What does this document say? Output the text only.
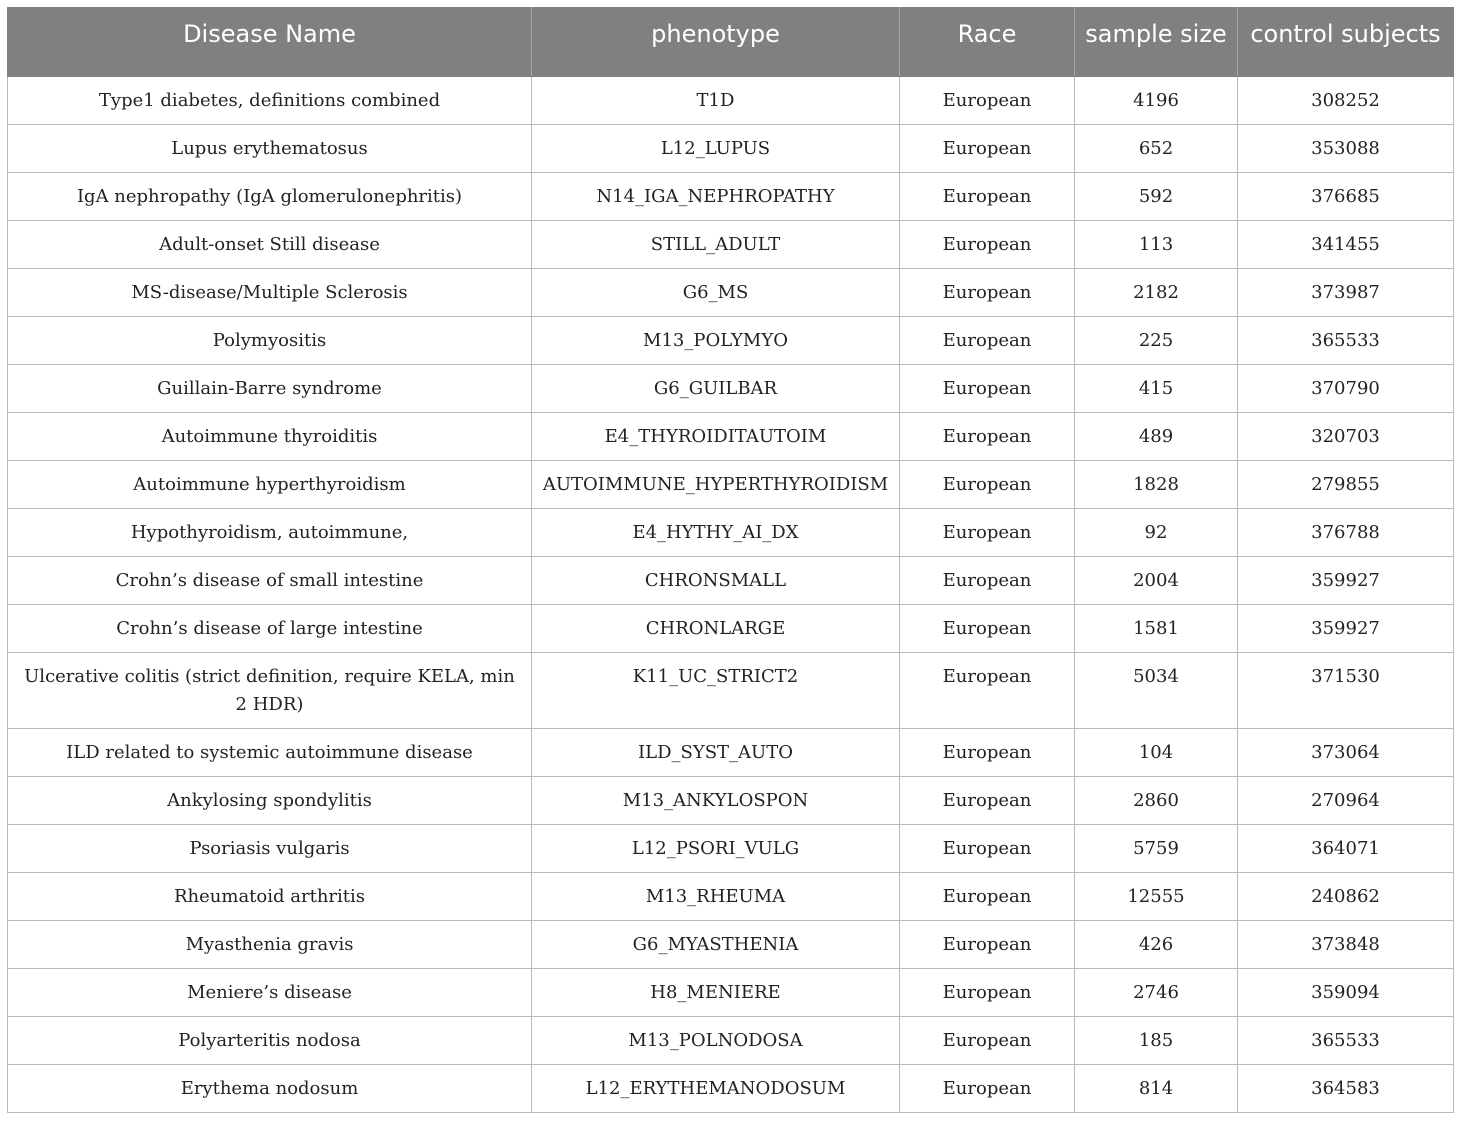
Disease Name	phenotype	Race	sample size	control subjects
Type1 diabetes, definitions combined	T1D	European	4196	308252
Lupus erythematosus	L12_LUPUS	European	652	353088
IgA nephropathy (IgA glomerulonephritis)	N14_IGA_NEPHROPATHY	European	592	376685
Adult-onset Still disease	STILL_ADULT	European	113	341455
MS-disease/Multiple Sclerosis	G6_MS	European	2182	373987
Polymyositis	M13_POLYMYO	European	225	365533
Guillain-Barre syndrome	G6_GUILBAR	European	415	370790
Autoimmune thyroiditis	E4_THYROIDITAUTOIM	European	489	320703
Autoimmune hyperthyroidism	AUTOIMMUNE_HYPERTHYROIDISM	European	1828	279855
Hypothyroidism, autoimmune,	E4_HYTHY_AI_DX	European	92	376788
Crohn’s disease of small intestine	CHRONSMALL	European	2004	359927
Crohn’s disease of large intestine	CHRONLARGE	European	1581	359927
Ulcerative colitis (strict definition, require KELA, min 2 HDR)	K11_UC_STRICT2	European	5034	371530
ILD related to systemic autoimmune disease	ILD_SYST_AUTO	European	104	373064
Ankylosing spondylitis	M13_ANKYLOSPON	European	2860	270964
Psoriasis vulgaris	L12_PSORI_VULG	European	5759	364071
Rheumatoid arthritis	M13_RHEUMA	European	12555	240862
Myasthenia gravis	G6_MYASTHENIA	European	426	373848
Meniere’s disease	H8_MENIERE	European	2746	359094
Polyarteritis nodosa	M13_POLNODOSA	European	185	365533
Erythema nodosum	L12_ERYTHEMANODOSUM	European	814	364583
